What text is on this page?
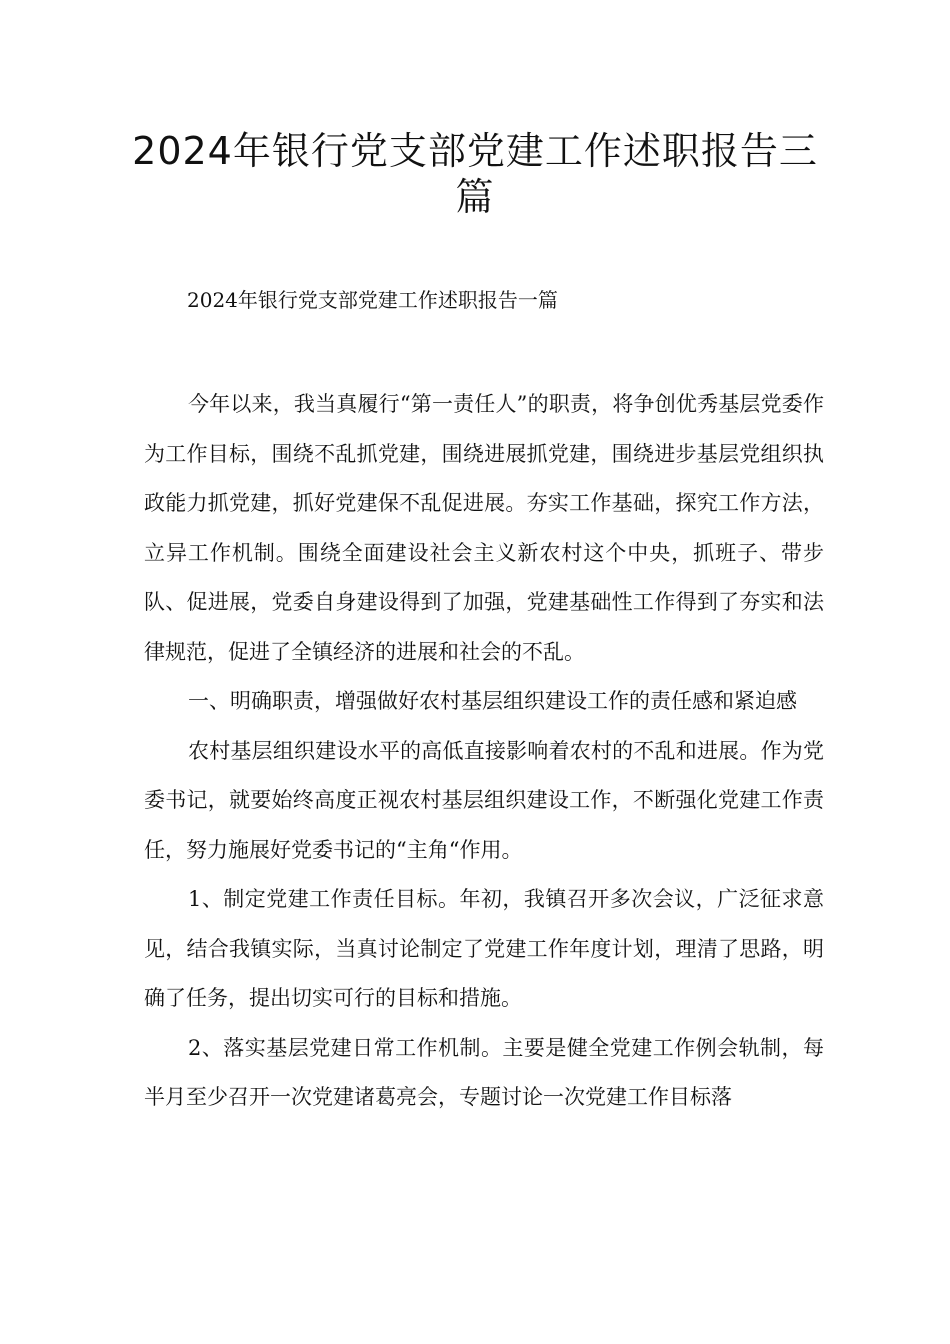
2024年银行党支部党建工作述职报告三篇
2024年银行党支部党建工作述职报告一篇

今年以来，我当真履行“第一责任人”的职责，将争创优秀基层党委作为工作目标，围绕不乱抓党建，围绕进展抓党建，围绕进步基层党组织执政能力抓党建，抓好党建保不乱促进展。夯实工作基础，探究工作方法，立异工作机制。围绕全面建设社会主义新农村这个中央，抓班子、带步队、促进展，党委自身建设得到了加强，党建基础性工作得到了夯实和法律规范，促进了全镇经济的进展和社会的不乱。

一、明确职责，增强做好农村基层组织建设工作的责任感和紧迫感

农村基层组织建设水平的高低直接影响着农村的不乱和进展。作为党委书记，就要始终高度正视农村基层组织建设工作，不断强化党建工作责任，努力施展好党委书记的“主角“作用。

1、制定党建工作责任目标。年初，我镇召开多次会议，广泛征求意见，结合我镇实际，当真讨论制定了党建工作年度计划，理清了思路，明确了任务，提出切实可行的目标和措施。

2、落实基层党建日常工作机制。主要是健全党建工作例会轨制，每半月至少召开一次党建诸葛亮会，专题讨论一次党建工作目标落
